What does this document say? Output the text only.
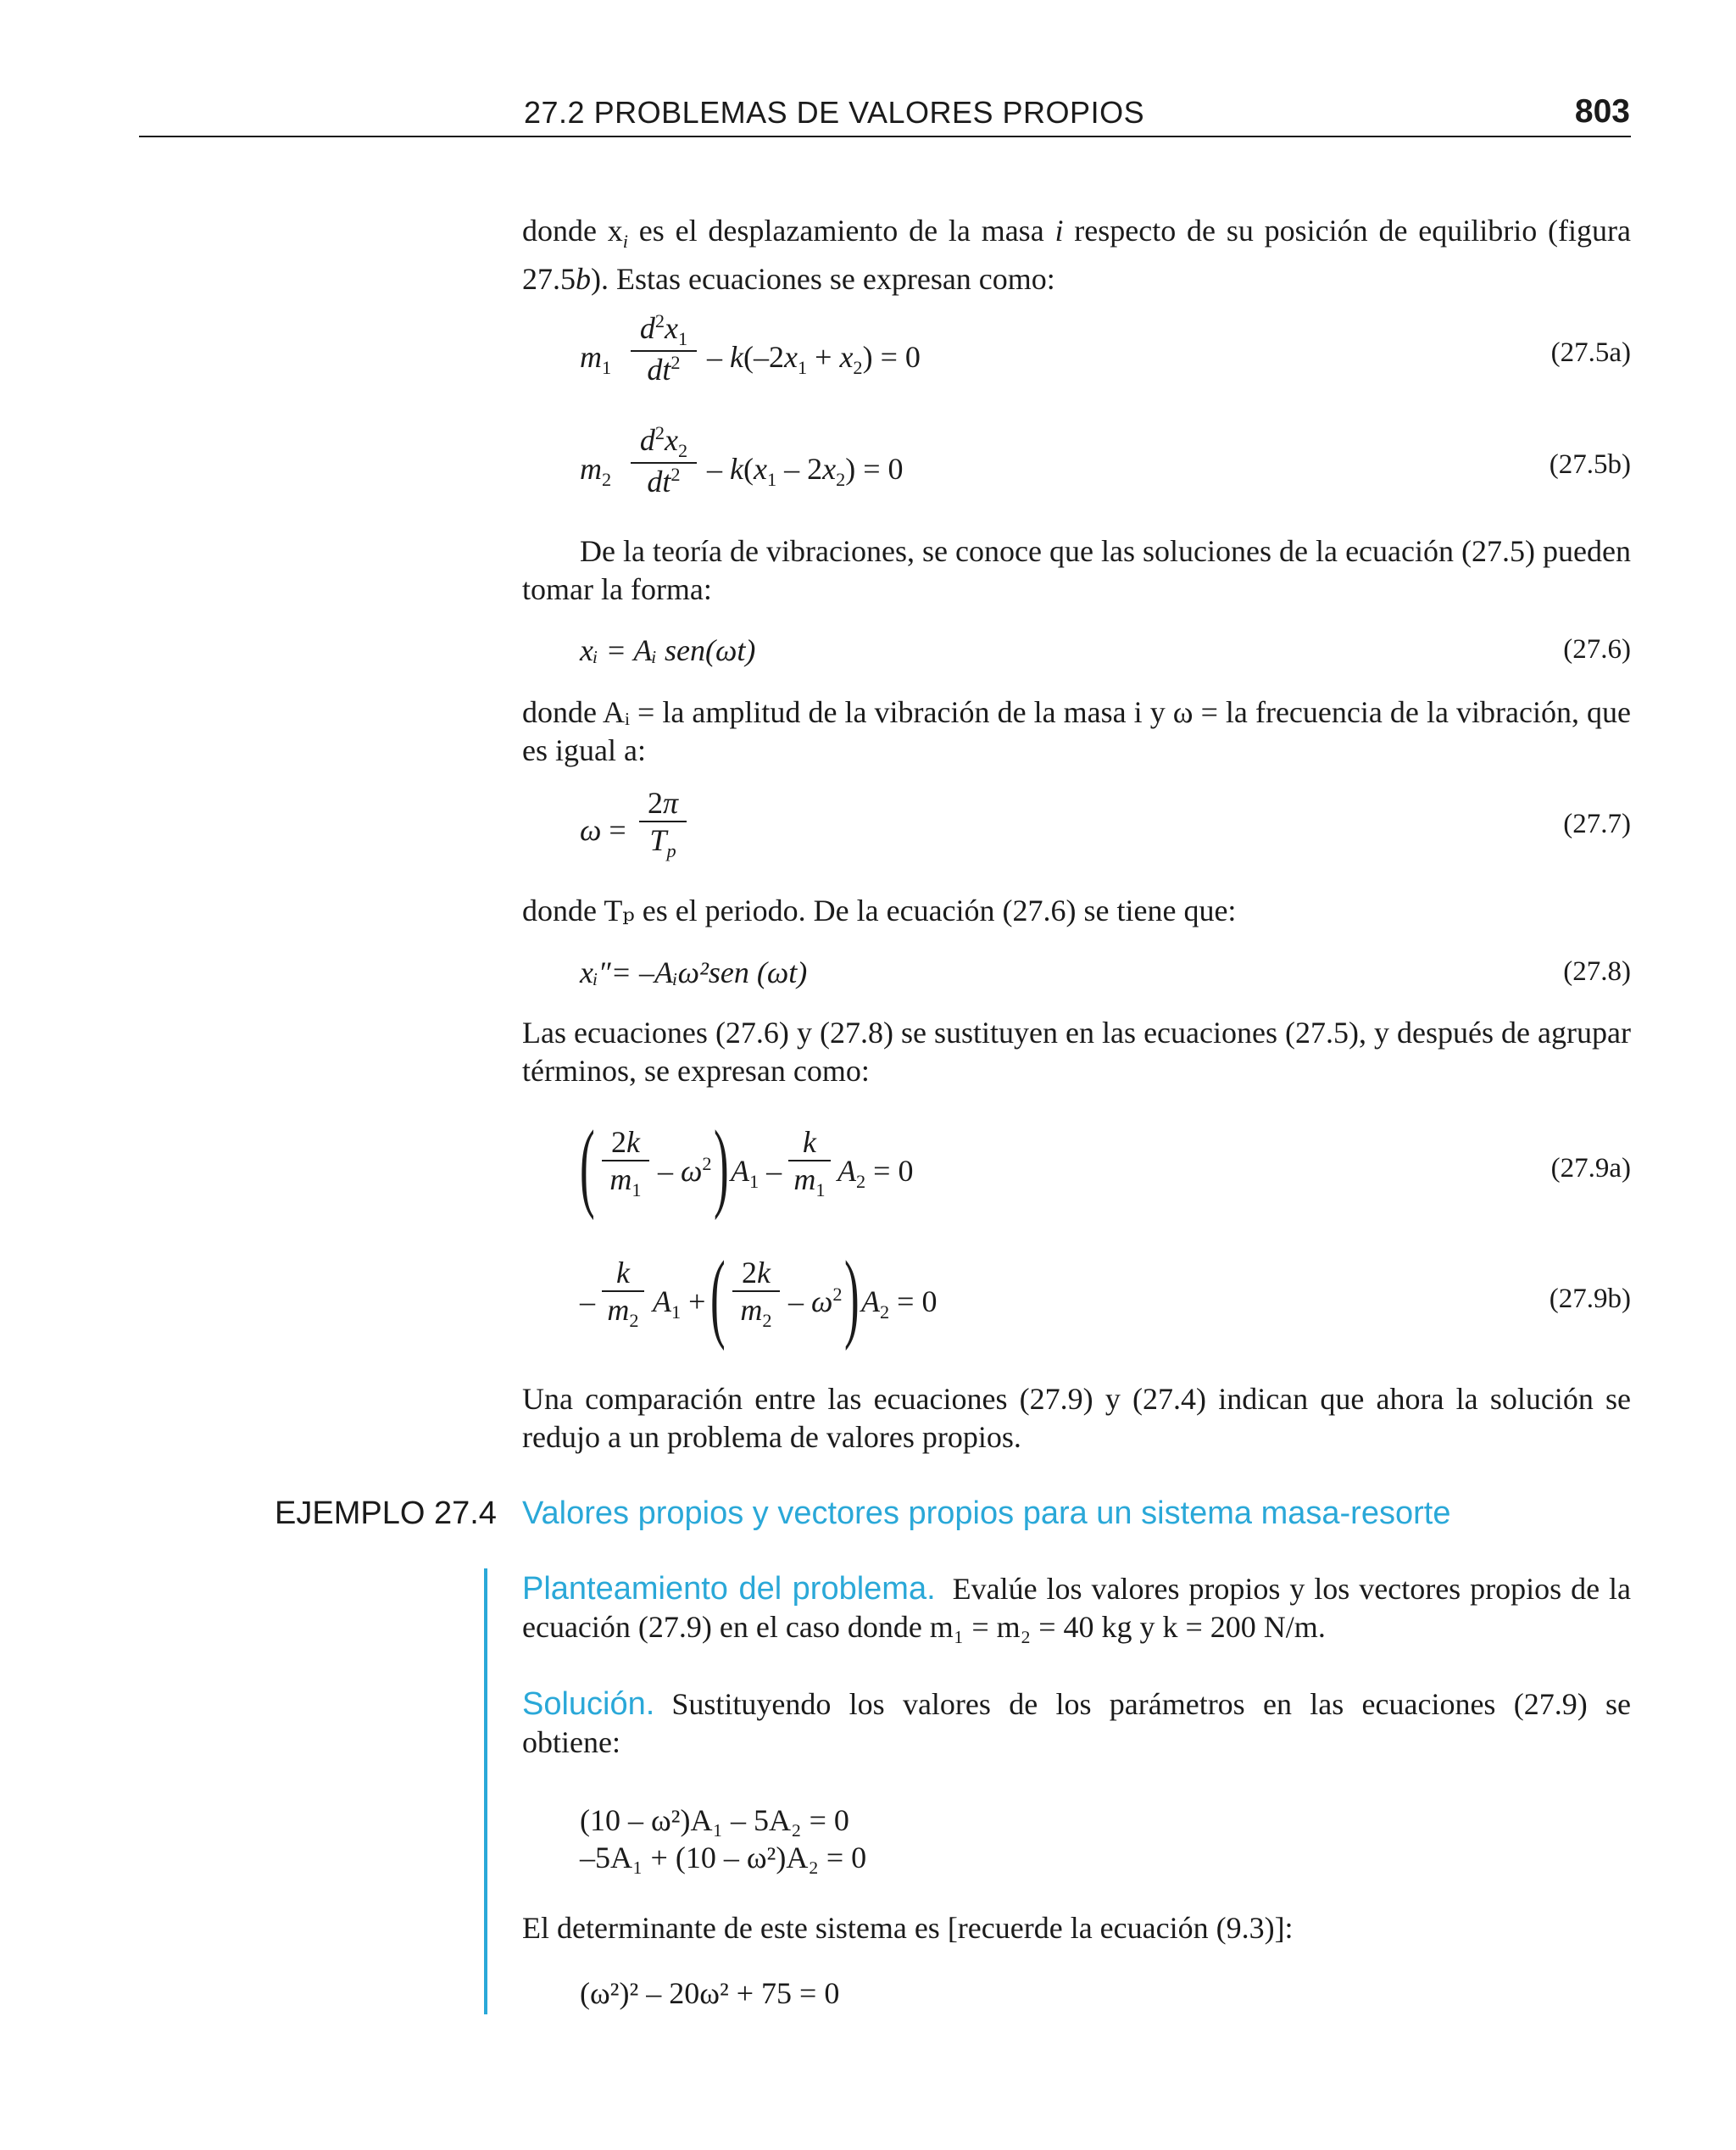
27.2 PROBLEMAS DE VALORES PROPIOS	803
donde $x_i$ es el desplazamiento de la masa i respecto de su posición de equilibrio (figura 27.5b). Estas ecuaciones se expresan como:
$m_1$
$d^2x_1$
$dt^2 - k(-2x_1 + x_2) = 0$	(27.5a)
$m_2$
$d^2x_2$
$dt^2 - k(x_1 - 2x_2) = 0$	(27.5b)
De la teoría de vibraciones, se conoce que las soluciones de la ecuación (27.5) pueden tomar la forma:
xᵢ = Aᵢ sen(ωt)	(27.6)
donde Aᵢ = la amplitud de la vibración de la masa i y ω = la frecuencia de la vibración, que es igual a:
ω =
2π
$T_p$
(27.7)
donde Tₚ es el periodo. De la ecuación (27.6) se tiene que:
xᵢ″= –Aᵢω²sen (ωt)	(27.8)
Las ecuaciones (27.6) y (27.8) se sustituyen en las ecuaciones (27.5), y después de agrupar términos, se expresan como:
( 2k
$m_1$
– $\omega^2$ ) $A_1$ –
k
$m_1$
$A_2 = 0$	(27.9a)
–
k
$m_2$
$A_1$ + ( 2k
$m_2$
– $\omega^2$ ) $A_2 = 0$	(27.9b)
Una comparación entre las ecuaciones (27.9) y (27.4) indican que ahora la solución se redujo a un problema de valores propios.
EJEMPLO 27.4 Valores propios y vectores propios para un sistema masa-resorte
Planteamiento del problema. Evalúe los valores propios y los vectores propios de la ecuación (27.9) en el caso donde m₁ = m₂ = 40 kg y k = 200 N/m.
Solución. Sustituyendo los valores de los parámetros en las ecuaciones (27.9) se obtiene:
(10 – ω²)A₁ – 5A₂ = 0
–5A₁ + (10 – ω²)A₂ = 0
El determinante de este sistema es [recuerde la ecuación (9.3)]:
(ω²)² – 20ω² + 75 = 0
